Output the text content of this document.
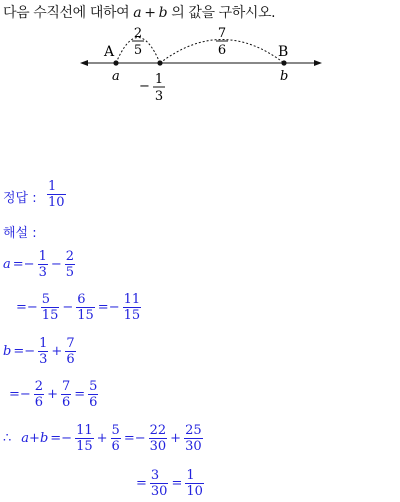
다음 수직선에 대하여 a + b 의 값을 구하시오.
A	B
a	b
2
5
7
6
− 1
3
정답 : $\frac{1}{10}$
해설 :
$a =- \frac{1}{3} - \frac{2}{5}$
=− $\frac{5}{15} - \frac{6}{15} =- \frac{11}{15}$
$b =- \frac{1}{3} + \frac{7}{6}$
=− $\frac{2}{6} + \frac{7}{6} = \frac{5}{6}$
∴ $a+b =- \frac{11}{15} + \frac{5}{6} =- \frac{22}{30} + \frac{25}{30}$
= $\frac{3}{30} = \frac{1}{10}$
